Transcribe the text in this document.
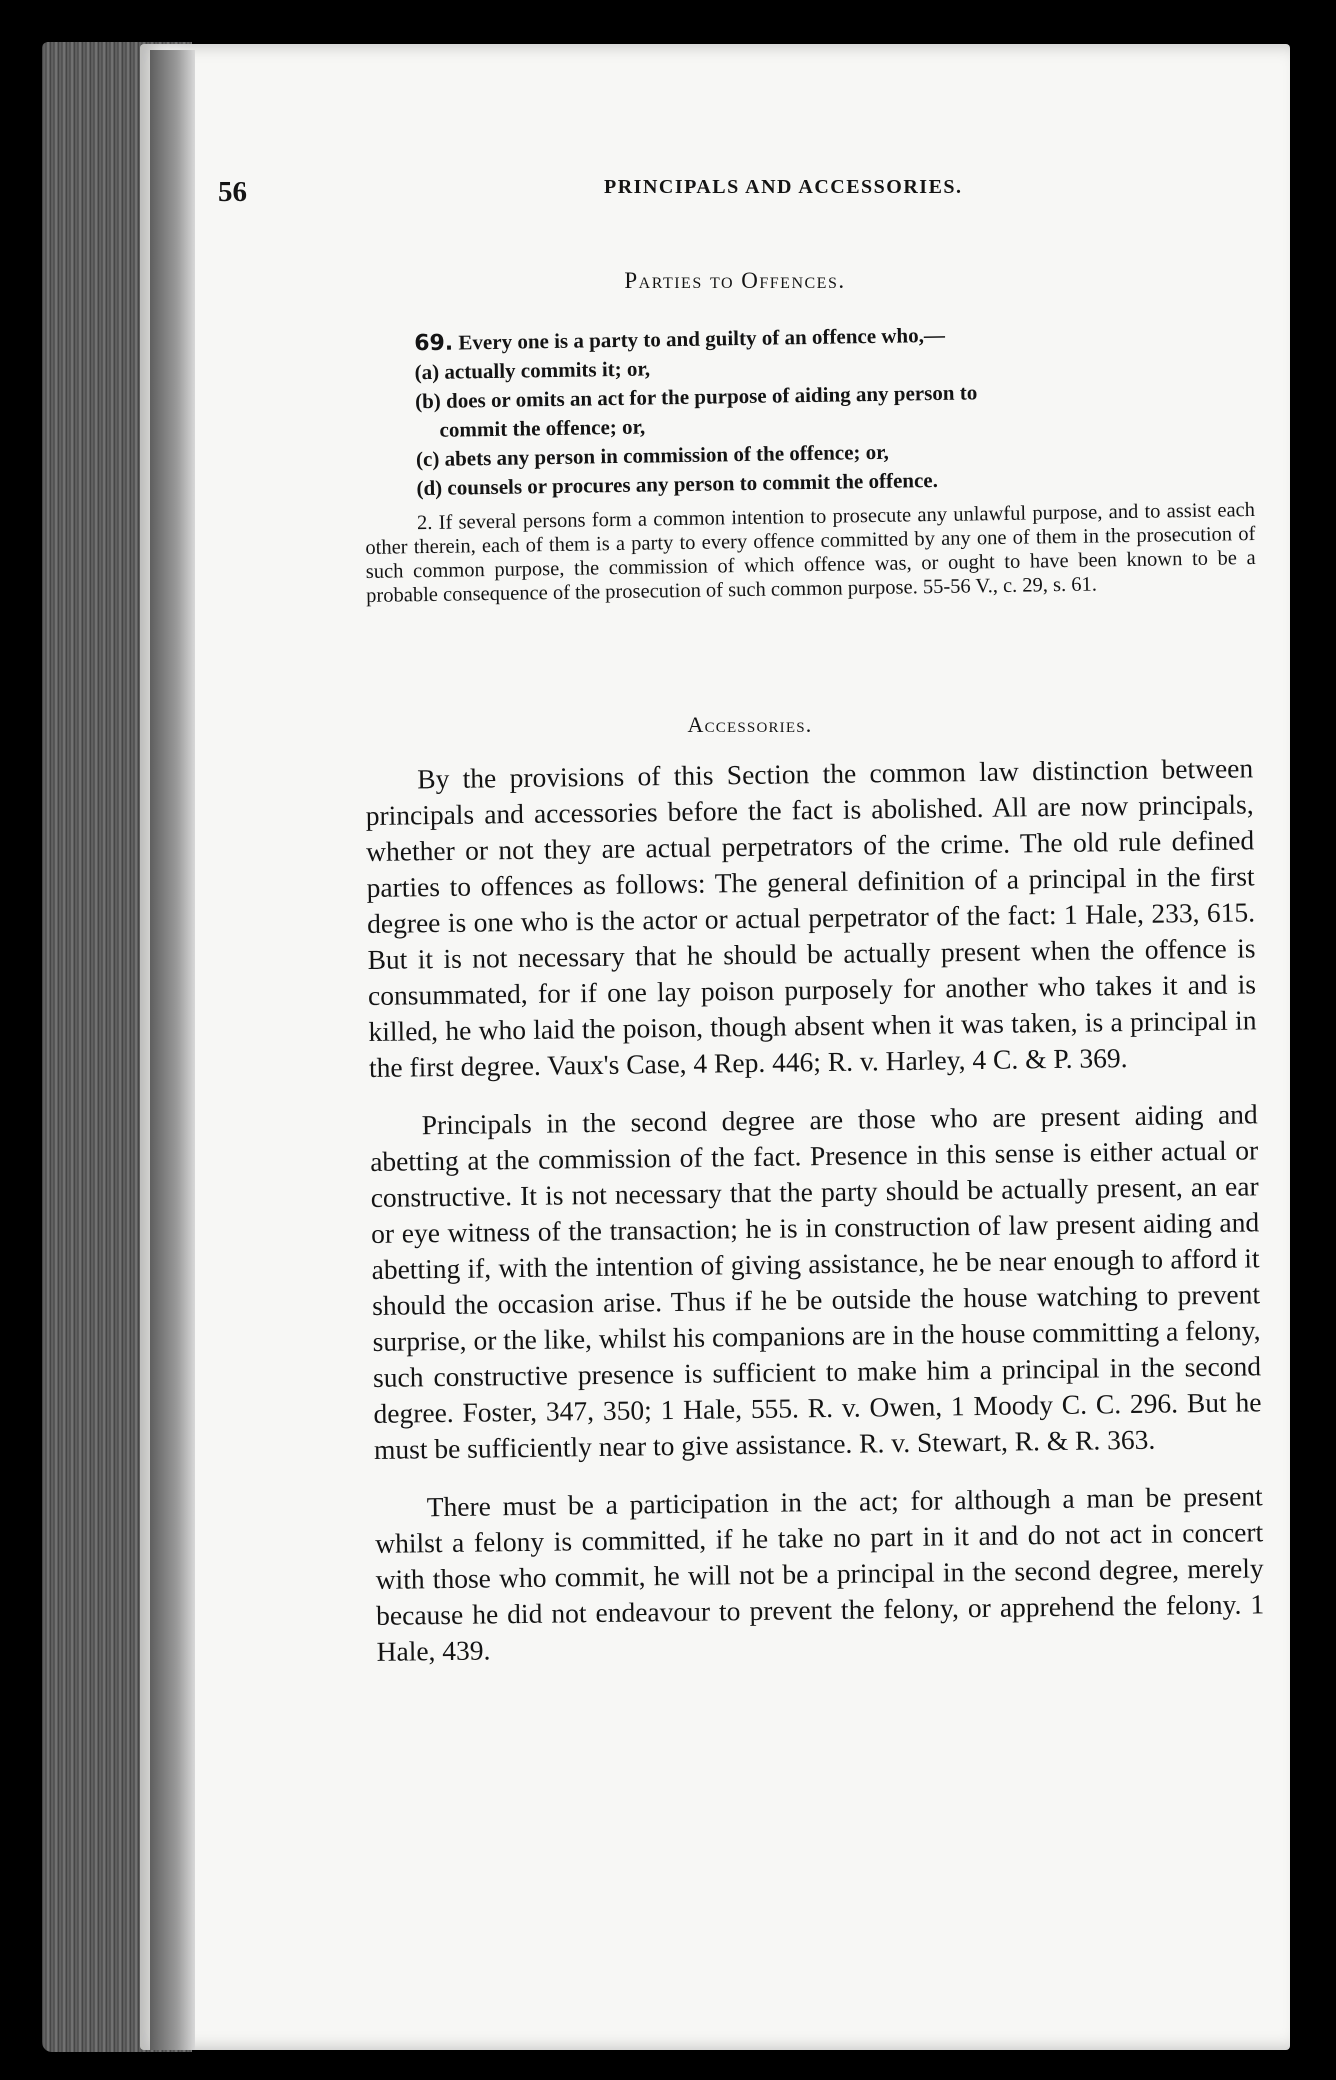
56	PRINCIPALS AND ACCESSORIES.
Parties to Offences.

69. Every one is a party to and guilty of an offence who,—

(a) actually commits it; or,

(b) does or omits an act for the purpose of aiding any person to

commit the offence; or,

(c) abets any person in commission of the offence; or,

(d) counsels or procures any person to commit the offence.

2. If several persons form a common intention to prosecute any unlawful purpose, and to assist each other therein, each of them is a party to every offence committed by any one of them in the prosecution of such common purpose, the commission of which offence was, or ought to have been known to be a probable consequence of the prosecution of such common purpose. 55-56 V., c. 29, s. 61.

Accessories.

By the provisions of this Section the common law distinction between principals and accessories before the fact is abolished. All are now principals, whether or not they are actual perpetrators of the crime. The old rule defined parties to offences as follows: The general definition of a principal in the first degree is one who is the actor or actual perpetrator of the fact: 1 Hale, 233, 615. But it is not necessary that he should be actually present when the offence is consummated, for if one lay poison purposely for another who takes it and is killed, he who laid the poison, though absent when it was taken, is a principal in the first degree. Vaux's Case, 4 Rep. 446; R. v. Harley, 4 C. & P. 369.

Principals in the second degree are those who are present aiding and abetting at the commission of the fact. Presence in this sense is either actual or constructive. It is not necessary that the party should be actually present, an ear or eye witness of the transaction; he is in construction of law present aiding and abetting if, with the intention of giving assistance, he be near enough to afford it should the occasion arise. Thus if he be outside the house watching to prevent surprise, or the like, whilst his companions are in the house committing a felony, such constructive presence is sufficient to make him a principal in the second degree. Foster, 347, 350; 1 Hale, 555. R. v. Owen, 1 Moody C. C. 296. But he must be sufficiently near to give assistance. R. v. Stewart, R. & R. 363.

There must be a participation in the act; for although a man be present whilst a felony is committed, if he take no part in it and do not act in concert with those who commit, he will not be a principal in the second degree, merely because he did not endeavour to prevent the felony, or apprehend the felony. 1 Hale, 439.
